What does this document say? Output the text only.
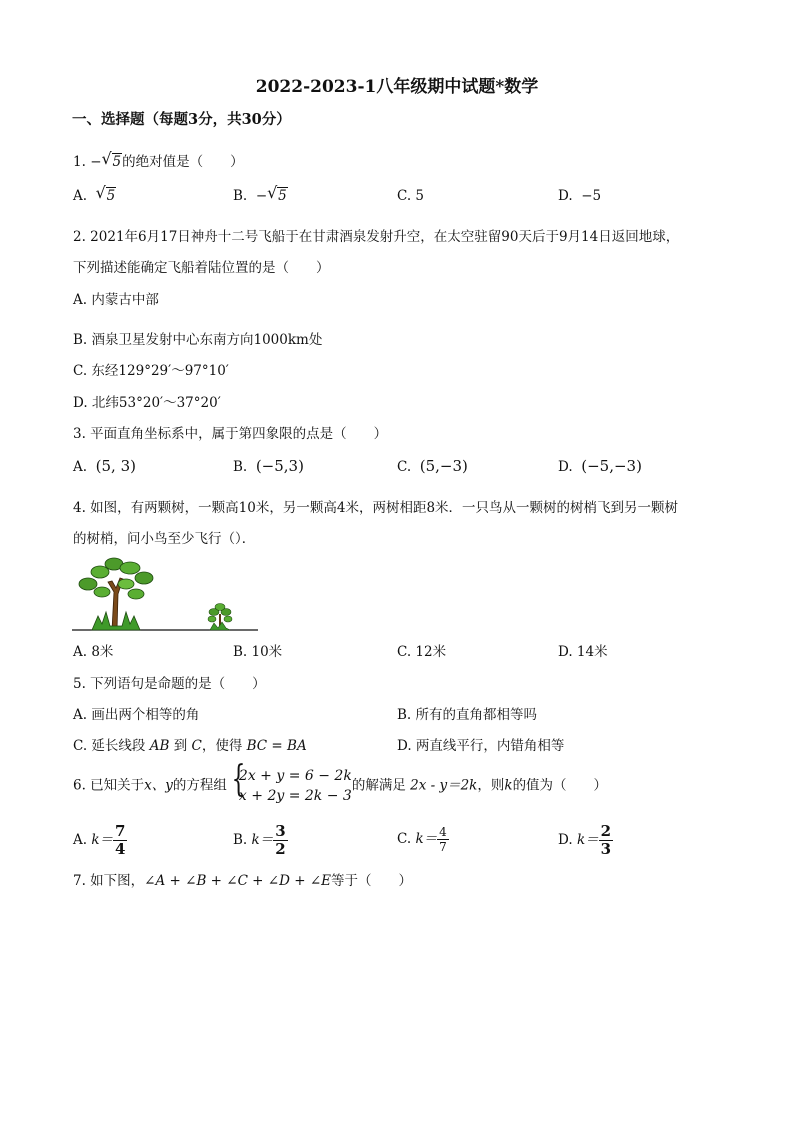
2022-2023-1八年级期中试题*数学
一、选择题（每题3分，共30分）
1. − √ 5的绝对值是（　　）
A. √ 5	B. − √ 5	C. 5	D. −5
2. 2021年6月17日神舟十二号飞船于在甘肃酒泉发射升空，在太空驻留90天后于9月14日返回地球，
下列描述能确定飞船着陆位置的是（　　）
A. 内蒙古中部
B. 酒泉卫星发射中心东南方向1000km处
C. 东经129°29′～97°10′
D. 北纬53°20′～37°20′
3. 平面直角坐标系中，属于第四象限的点是（　　）
A. (5, 3)	B. (−5,3)	C. (5,−3)	D. (−5,−3)
4. 如图，有两颗树，一颗高10米，另一颗高4米，两树相距8米．一只鸟从一颗树的树梢飞到另一颗树
的树梢，问小鸟至少飞行（）．
A. 8米	B. 10米	C. 12米	D. 14米
5. 下列语句是命题的是（　　）
A. 画出两个相等的角	B. 所有的直角都相等吗
C. 延长线段 AB 到 C，使得 BC = BA	D. 两直线平行，内错角相等
6. 已知关于x、y的方程组 {
2x + y = 6 − 2k
x + 2y = 2k − 3
的解满足 2x - y＝2k，则k的值为（　　）
A. $k= \frac{7}{4}$	B. $k= \frac{3}{2}$	C. $k= \frac{4}{7}$	D. $k= \frac{2}{3}$
7. 如下图，∠A + ∠B + ∠C + ∠D + ∠E等于（　　）
